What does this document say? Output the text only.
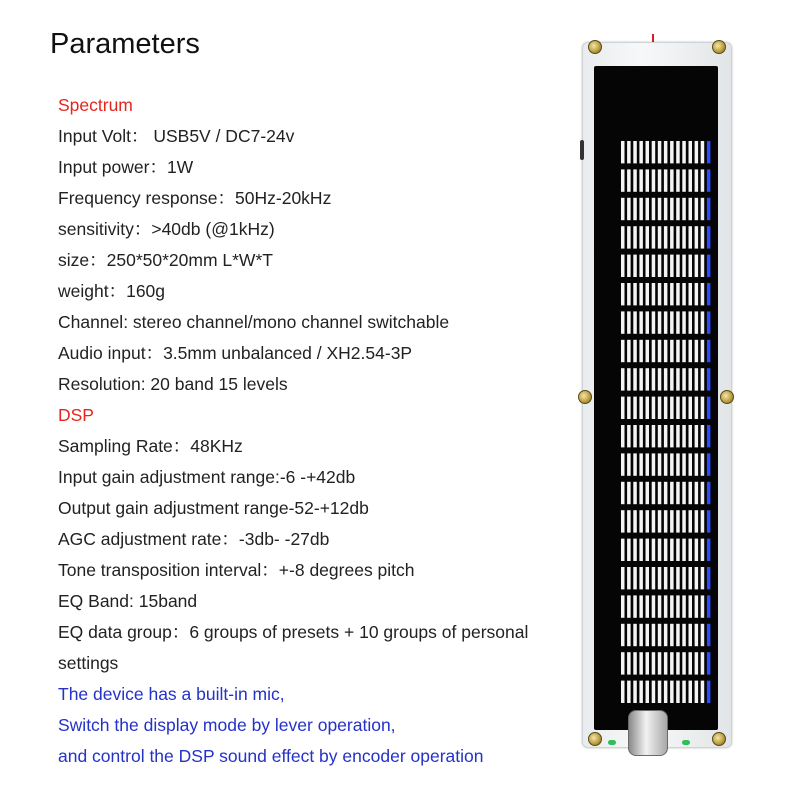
Parameters
Spectrum
Input Volt： USB5V / DC7-24v
Input power：1W
Frequency response：50Hz-20kHz
sensitivity：>40db (@1kHz)
size：250*50*20mm L*W*T
weight：160g
Channel: stereo channel/mono channel switchable
Audio input：3.5mm unbalanced / XH2.54-3P
Resolution: 20 band 15 levels
DSP
Sampling Rate：48KHz
Input gain adjustment range:-6 -+42db
Output gain adjustment range-52-+12db
AGC adjustment rate：-3db- -27db
Tone transposition interval：+-8 degrees pitch
EQ Band: 15band
EQ data group：6 groups of presets + 10 groups of personal settings
The device has a built-in mic,
Switch the display mode by lever operation,
and control the DSP sound effect by encoder operation
